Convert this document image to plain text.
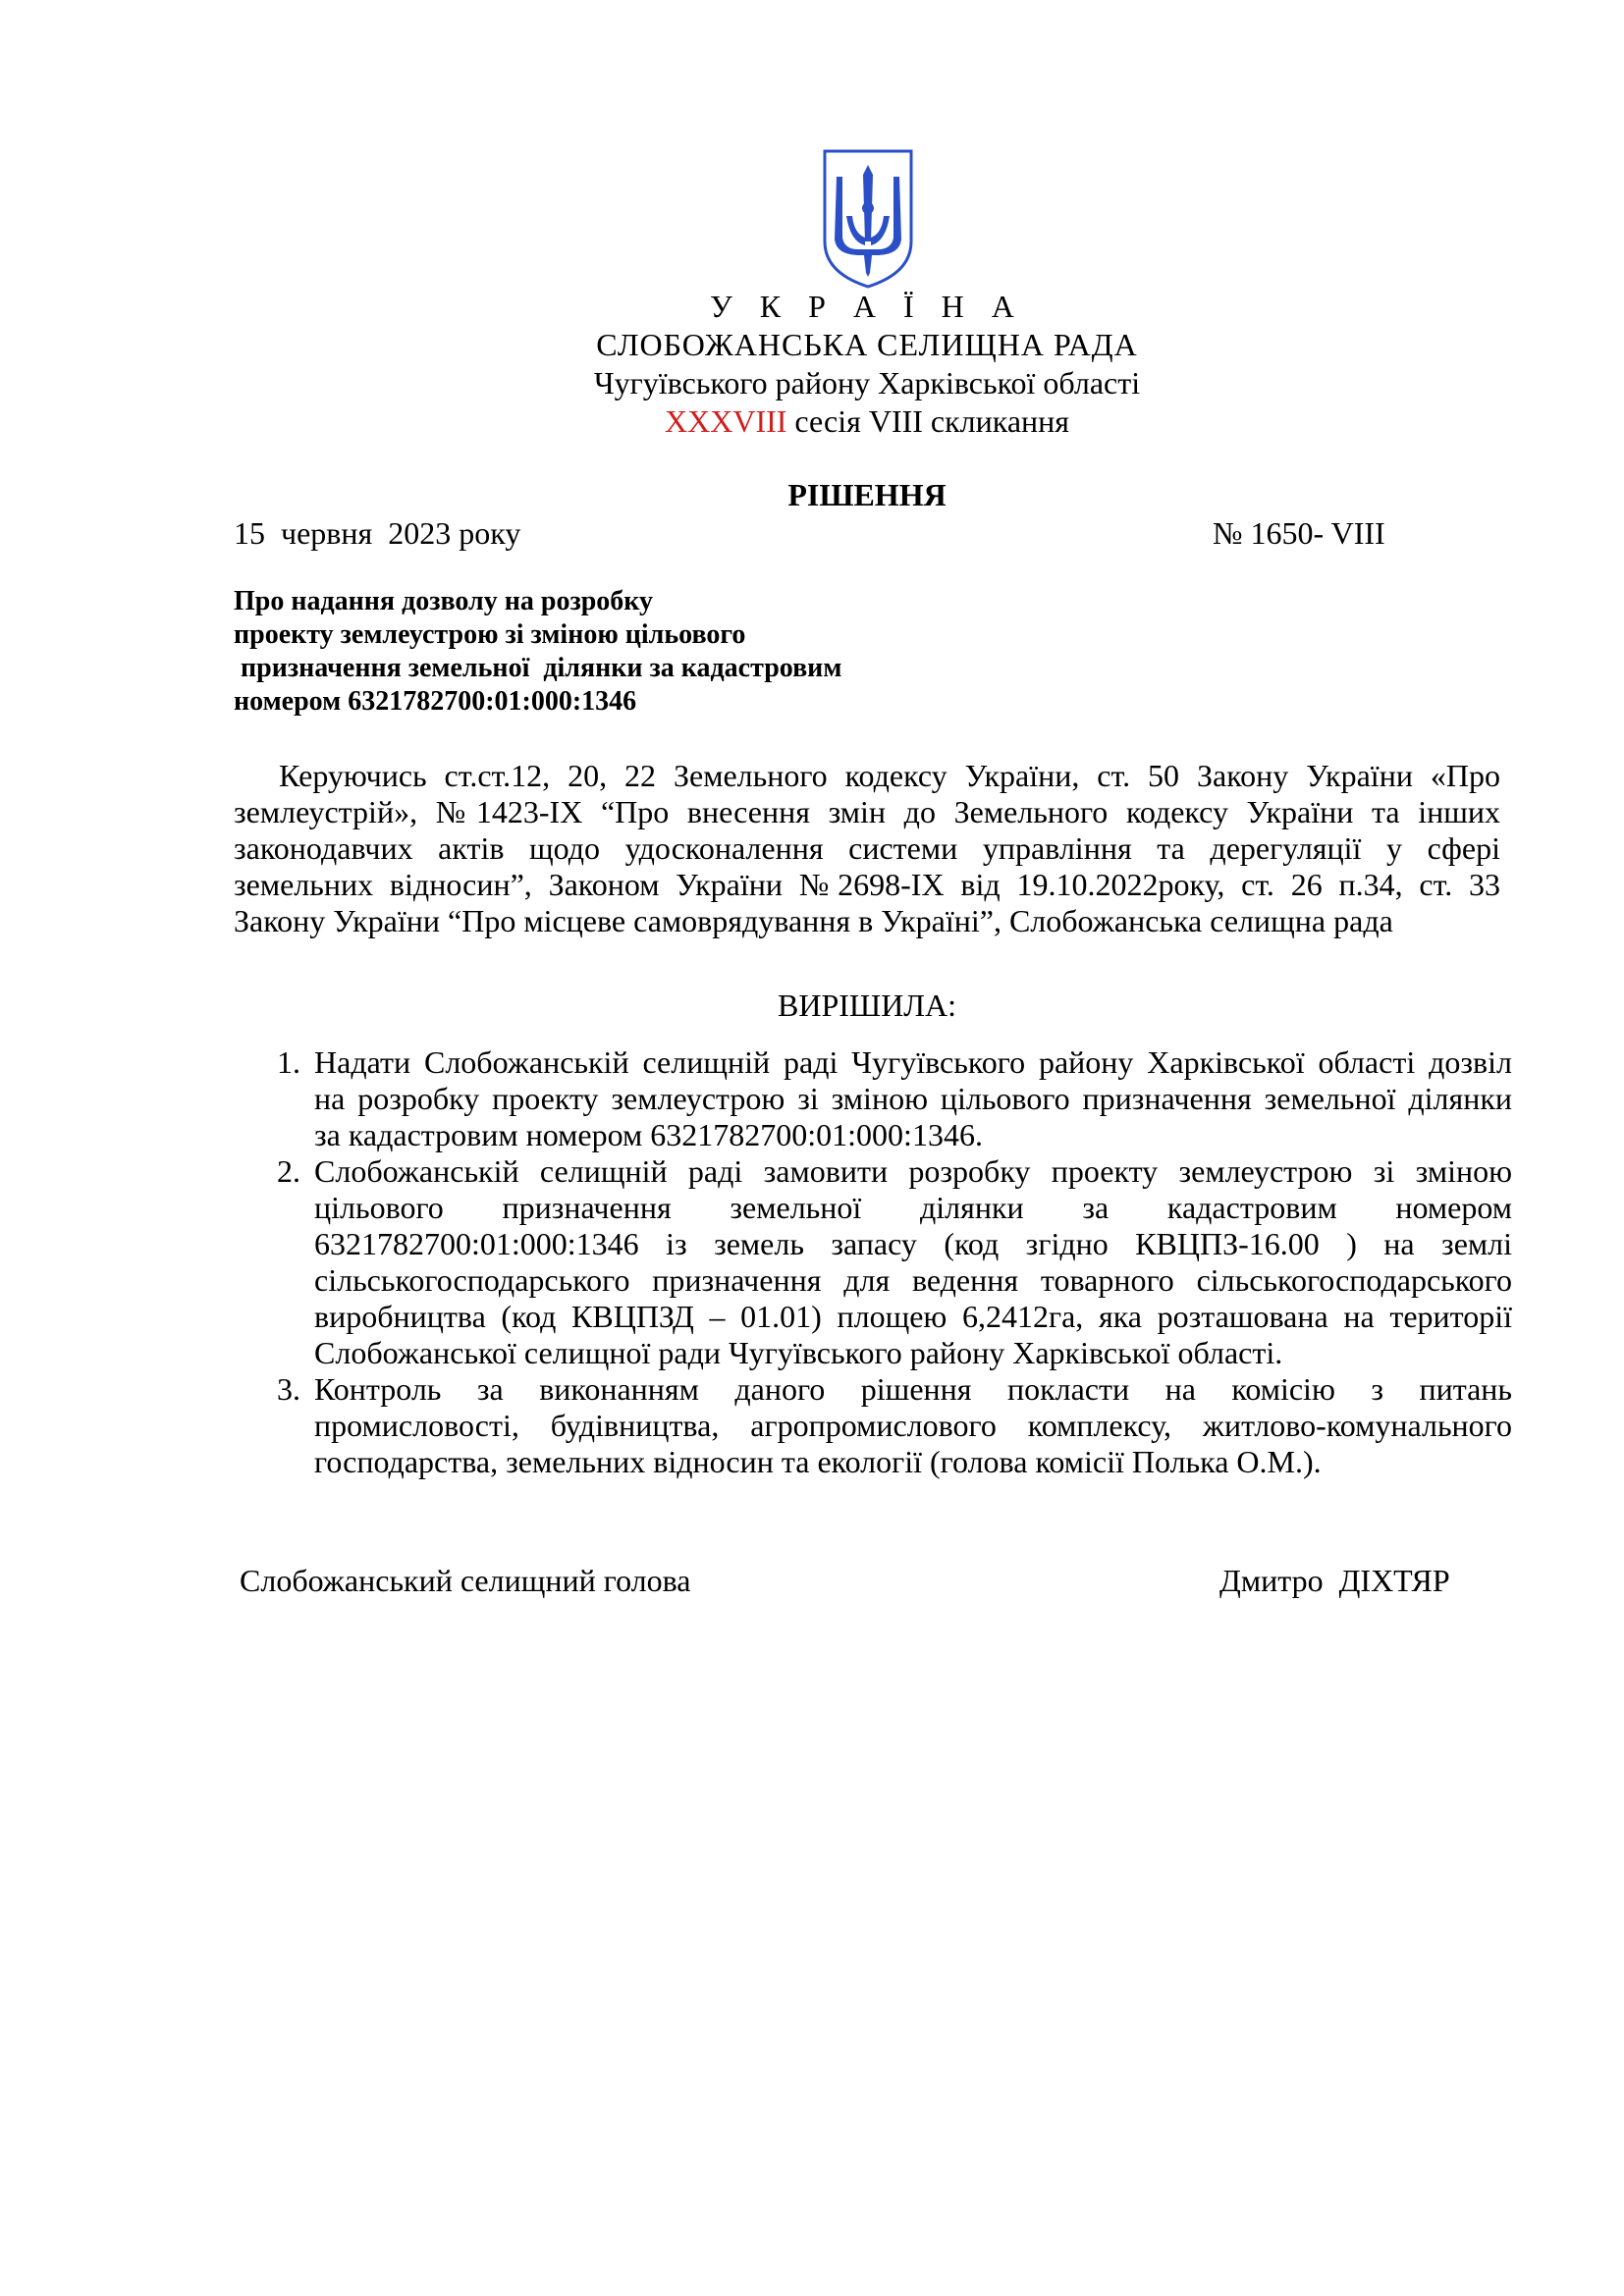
У К Р А Ї Н А
СЛОБОЖАНСЬКА СЕЛИЩНА РАДА
Чугуївського району Харківської області
XXXVIII сесія VIII скликання
РІШЕННЯ
15  червня  2023 року	№ 1650- VIII
Про надання дозволу на розробку
проекту землеустрою зі зміною цільового
призначення земельної  ділянки за кадастровим
номером 6321782700:01:000:1346
Керуючись ст.ст.12, 20, 22 Земельного кодексу України, ст. 50 Закону України «Про
землеустрій», №1423-IX “Про внесення змін до Земельного кодексу України та інших
законодавчих актів щодо удосконалення системи управління та дерегуляції у сфері
земельних відносин”, Законом України №2698-IX від 19.10.2022року, ст. 26 п.34, ст. 33
Закону України “Про місцеве самоврядування в Україні”, Слобожанська селищна рада
ВИРІШИЛА:
1. Надати Слобожанській селищній раді Чугуївського району Харківської області дозвіл
на розробку проекту землеустрою зі зміною цільового призначення земельної ділянки
за кадастровим номером 6321782700:01:000:1346.
2. Слобожанській селищній раді замовити розробку проекту землеустрою зі зміною
цільового призначення земельної ділянки за кадастровим номером
6321782700:01:000:1346 із земель запасу (код згідно КВЦПЗ-16.00 ) на землі
сільськогосподарського призначення для ведення товарного сільськогосподарського
виробництва (код КВЦПЗД – 01.01) площею 6,2412га, яка розташована на території
Слобожанської селищної ради Чугуївського району Харківської області.
3. Контроль за виконанням даного рішення покласти на комісію з питань
промисловості, будівництва, агропромислового комплексу, житлово-комунального
господарства, земельних відносин та екології (голова комісії Полька О.М.).
Слобожанський селищний голова	Дмитро  ДІХТЯР
